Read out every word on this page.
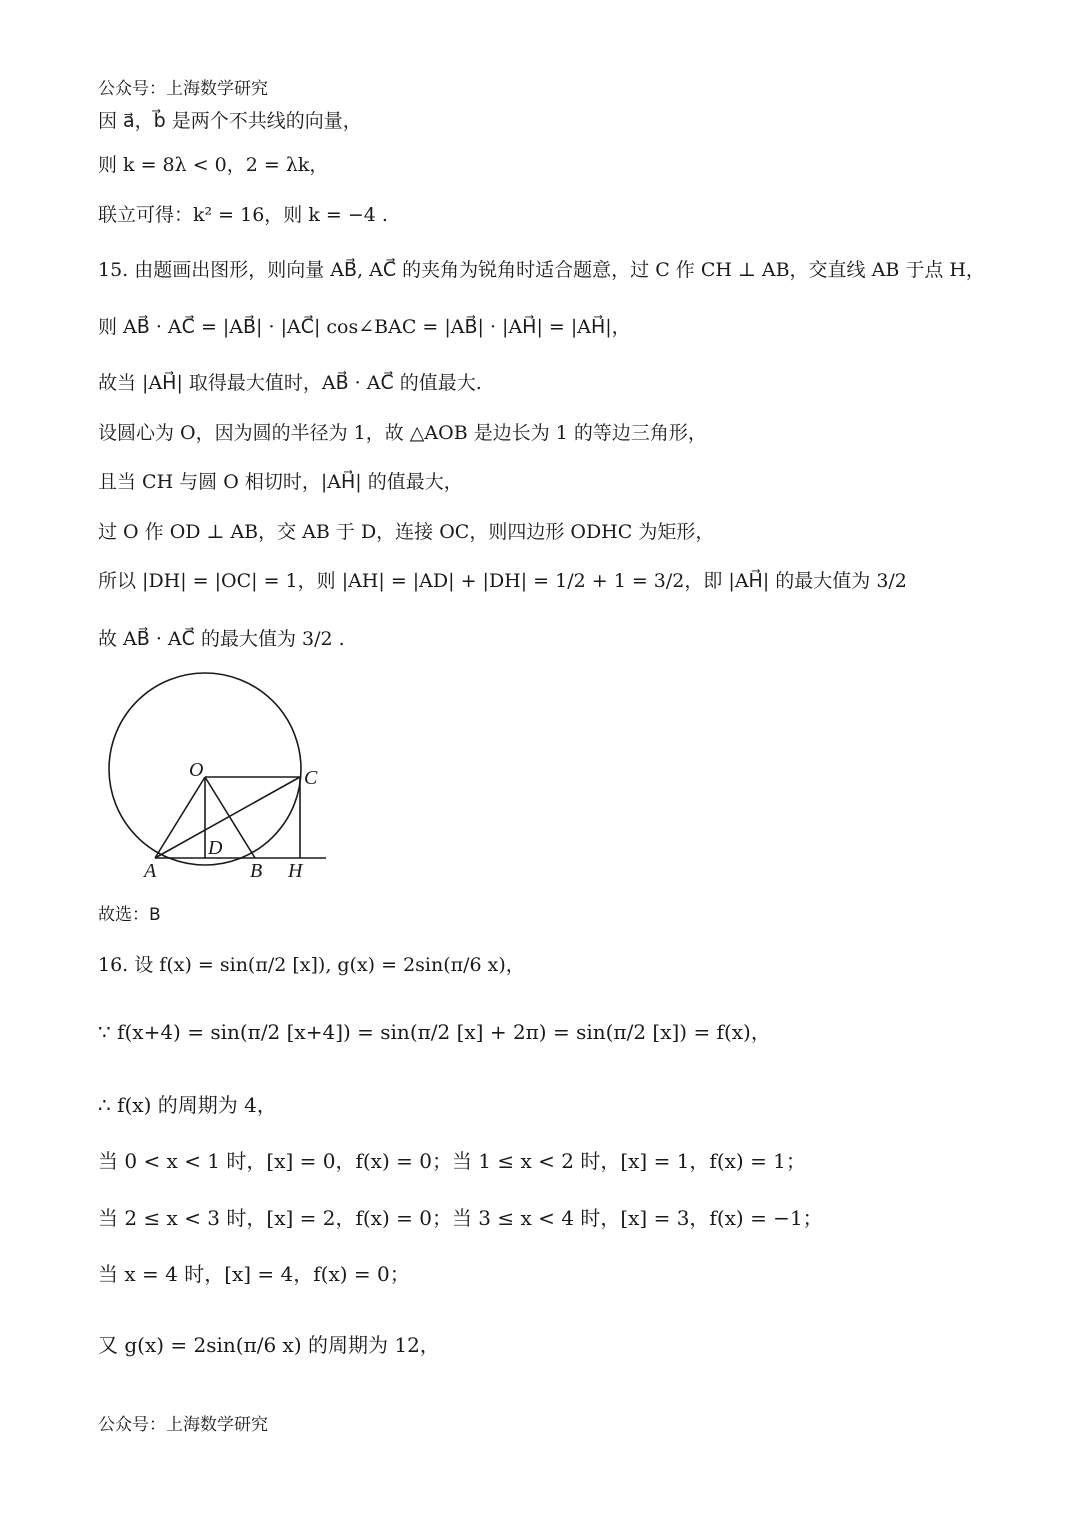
公众号：上海数学研究
因 a⃗，b⃗ 是两个不共线的向量，
则 k = 8λ < 0，2 = λk，
联立可得：k² = 16，则 k = −4 .
15. 由题画出图形，则向量 AB⃗, AC⃗ 的夹角为锐角时适合题意，过 C 作 CH ⊥ AB，交直线 AB 于点 H，
则 AB⃗ · AC⃗ = |AB⃗| · |AC⃗| cos∠BAC = |AB⃗| · |AH⃗| = |AH⃗|，
故当 |AH⃗| 取得最大值时，AB⃗ · AC⃗ 的值最大.
设圆心为 O，因为圆的半径为 1，故 △AOB 是边长为 1 的等边三角形，
且当 CH 与圆 O 相切时，|AH⃗| 的值最大，
过 O 作 OD ⊥ AB，交 AB 于 D，连接 OC，则四边形 ODHC 为矩形，
所以 |DH| = |OC| = 1，则 |AH| = |AD| + |DH| = 1/2 + 1 = 3/2，即 |AH⃗| 的最大值为 3/2
故 AB⃗ · AC⃗ 的最大值为 3/2 .
O	C
D
A	B H
故选：B
16. 设 f(x) = sin(π/2 [x]), g(x) = 2sin(π/6 x)，
∵ f(x+4) = sin(π/2 [x+4]) = sin(π/2 [x] + 2π) = sin(π/2 [x]) = f(x)，
∴ f(x) 的周期为 4，
当 0 < x < 1 时，[x] = 0，f(x) = 0；当 1 ≤ x < 2 时，[x] = 1，f(x) = 1；
当 2 ≤ x < 3 时，[x] = 2，f(x) = 0；当 3 ≤ x < 4 时，[x] = 3，f(x) = −1；
当 x = 4 时，[x] = 4，f(x) = 0；
又 g(x) = 2sin(π/6 x) 的周期为 12，
公众号：上海数学研究
